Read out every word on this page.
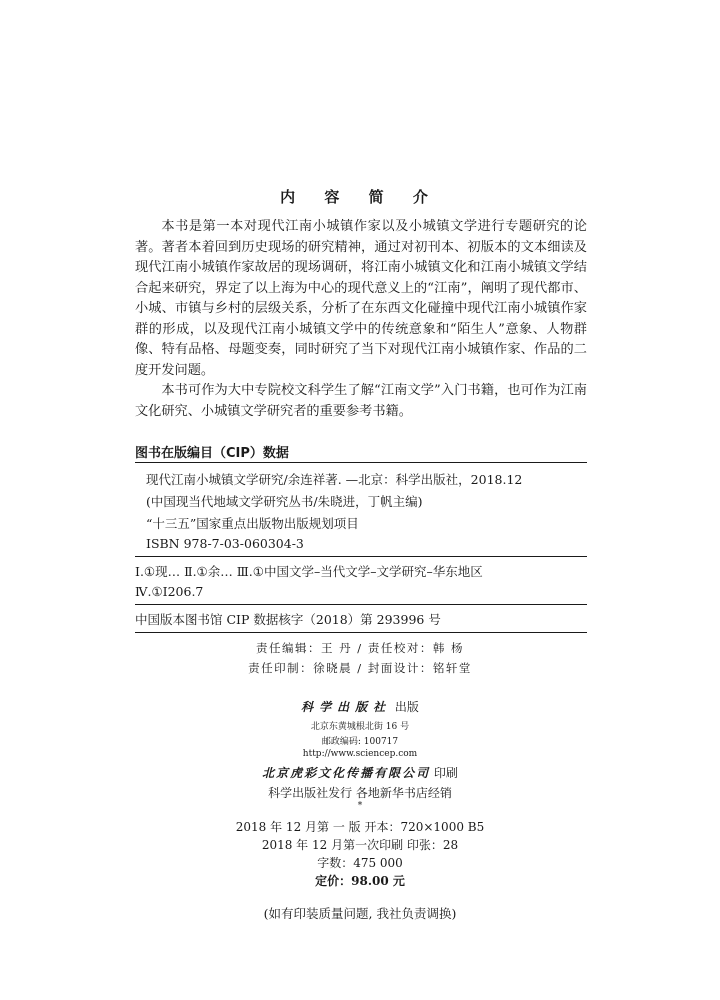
内 容 简 介

本书是第一本对现代江南小城镇作家以及小城镇文学进行专题研究的论著。著者本着回到历史现场的研究精神，通过对初刊本、初版本的文本细读及现代江南小城镇作家故居的现场调研，将江南小城镇文化和江南小城镇文学结合起来研究，界定了以上海为中心的现代意义上的“江南”，阐明了现代都市、小城、市镇与乡村的层级关系，分析了在东西文化碰撞中现代江南小城镇作家群的形成，以及现代江南小城镇文学中的传统意象和“陌生人”意象、人物群像、特有品格、母题变奏，同时研究了当下对现代江南小城镇作家、作品的二度开发问题。

本书可作为大中专院校文科学生了解“江南文学”入门书籍，也可作为江南文化研究、小城镇文学研究者的重要参考书籍。

图书在版编目（CIP）数据
现代江南小城镇文学研究/余连祥著. —北京：科学出版社，2018.12
(中国现当代地域文学研究丛书/朱晓进，丁帆主编)
“十三五”国家重点出版物出版规划项目
ISBN 978-7-03-060304-3
Ⅰ.①现… Ⅱ.①余… Ⅲ.①中国文学–当代文学–文学研究–华东地区
Ⅳ.①I206.7
中国版本图书馆 CIP 数据核字（2018）第 293996 号
责任编辑：王 丹 / 责任校对：韩 杨
责任印制：徐晓晨 / 封面设计：铭轩堂
科学出版社 出版
北京东黄城根北街 16 号
邮政编码: 100717
http://www.sciencep.com
北京虎彩文化传播有限公司 印刷
科学出版社发行 各地新华书店经销
*
2018 年 12 月第 一 版 开本：720×1000 B5
2018 年 12 月第一次印刷 印张：28
字数：475 000
定价：98.00 元
(如有印装质量问题, 我社负责调换)
